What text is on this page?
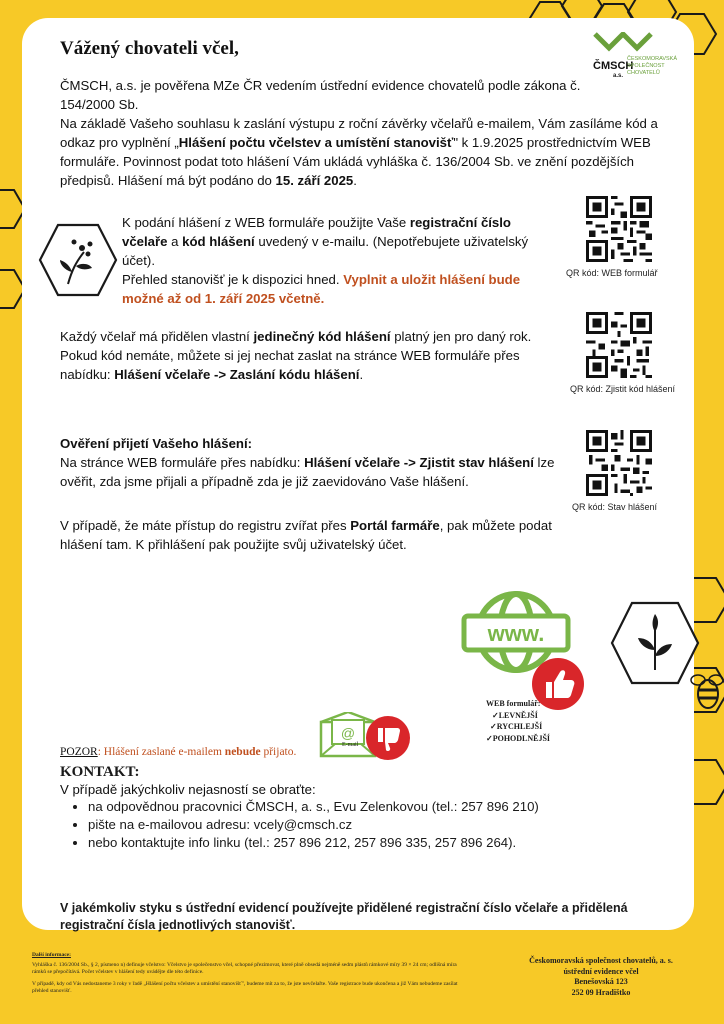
Vážený chovateli včel,
ČMSCH
a.s.
ČESKOMORAVSKÁ SPOLEČNOST CHOVATELŮ
ČMSCH, a.s. je pověřena MZe ČR vedením ústřední evidence chovatelů podle zákona č. 154/2000 Sb.
Na základě Vašeho souhlasu k zaslání výstupu z roční závěrky včelařů e-mailem, Vám zasíláme kód a odkaz pro vyplnění „Hlášení počtu včelstev a umístění stanovišť" k 1.9.2025 prostřednictvím WEB formuláře. Povinnost podat toto hlášení Vám ukládá vyhláška č. 136/2004 Sb. ve znění pozdějších předpisů. Hlášení má být podáno do 15. září 2025.
K podání hlášení z WEB formuláře použijte Vaše registrační číslo včelaře a kód hlášení uvedený v e-mailu. (Nepotřebujete uživatelský účet).
Přehled stanovišť je k dispozici hned. Vyplnit a uložit hlášení bude možné až od 1. září 2025 včetně.
QR kód: WEB formulář
Každý včelař má přidělen vlastní jedinečný kód hlášení platný jen pro daný rok.
Pokud kód nemáte, můžete si jej nechat zaslat na stránce WEB formuláře přes nabídku: Hlášení včelaře -> Zaslání kódu hlášení.
QR kód: Zjistit kód hlášení
Ověření přijetí Vašeho hlášení:
Na stránce WEB formuláře přes nabídku: Hlášení včelaře -> Zjistit stav hlášení lze ověřit, zda jsme přijali a případně zda je již zaevidováno Vaše hlášení.
QR kód: Stav hlášení
V případě, že máte přístup do registru zvířat přes Portál farmáře, pak můžete podat hlášení tam. K přihlášení pak použijte svůj uživatelský účet.
www.
WEB formulář:
✓LEVNĚJŠÍ
✓RYCHLEJŠÍ
✓POHODLNĚJŠÍ
@
E-mail
POZOR: Hlášení zaslané e-mailem nebude přijato.
KONTAKT:
V případě jakýchkoliv nejasností se obraťte:
• na odpovědnou pracovnici ČMSCH, a. s., Evu Zelenkovou (tel.: 257 896 210)
• pište na e-mailovou adresu: vcely@cmsch.cz
• nebo kontaktujte info linku (tel.: 257 896 212, 257 896 335, 257 896 264).
V jakémkoliv styku s ústřední evidencí používejte přidělené registrační číslo včelaře a přidělená registrační čísla jednotlivých stanovišť.
Další informace:
Vyhláška č. 136/2004 Sb., § 2, písmeno n) definuje včelstvo: Včelstvo je společenstvo včel, schopné přezimovat, které plně obsedá nejméně sedm plástů rámkové míry 39 × 24 cm; odlišná míra rámků se přepočítává. Počet včelstev v hlášení tedy uvádějte dle této definice.
V případě, kdy od Vás nedostaneme 3 roky v řadě „Hlášení počtu včelstev a umístění stanovišť", budeme mít za to, že jste nevčelařte. Vaše registrace bude ukončena a již Vám nebudeme zasílat přehled stanovišť.
Českomoravská společnost chovatelů, a. s.
ústřední evidence včel
Benešovská 123
252 09 Hradištko
